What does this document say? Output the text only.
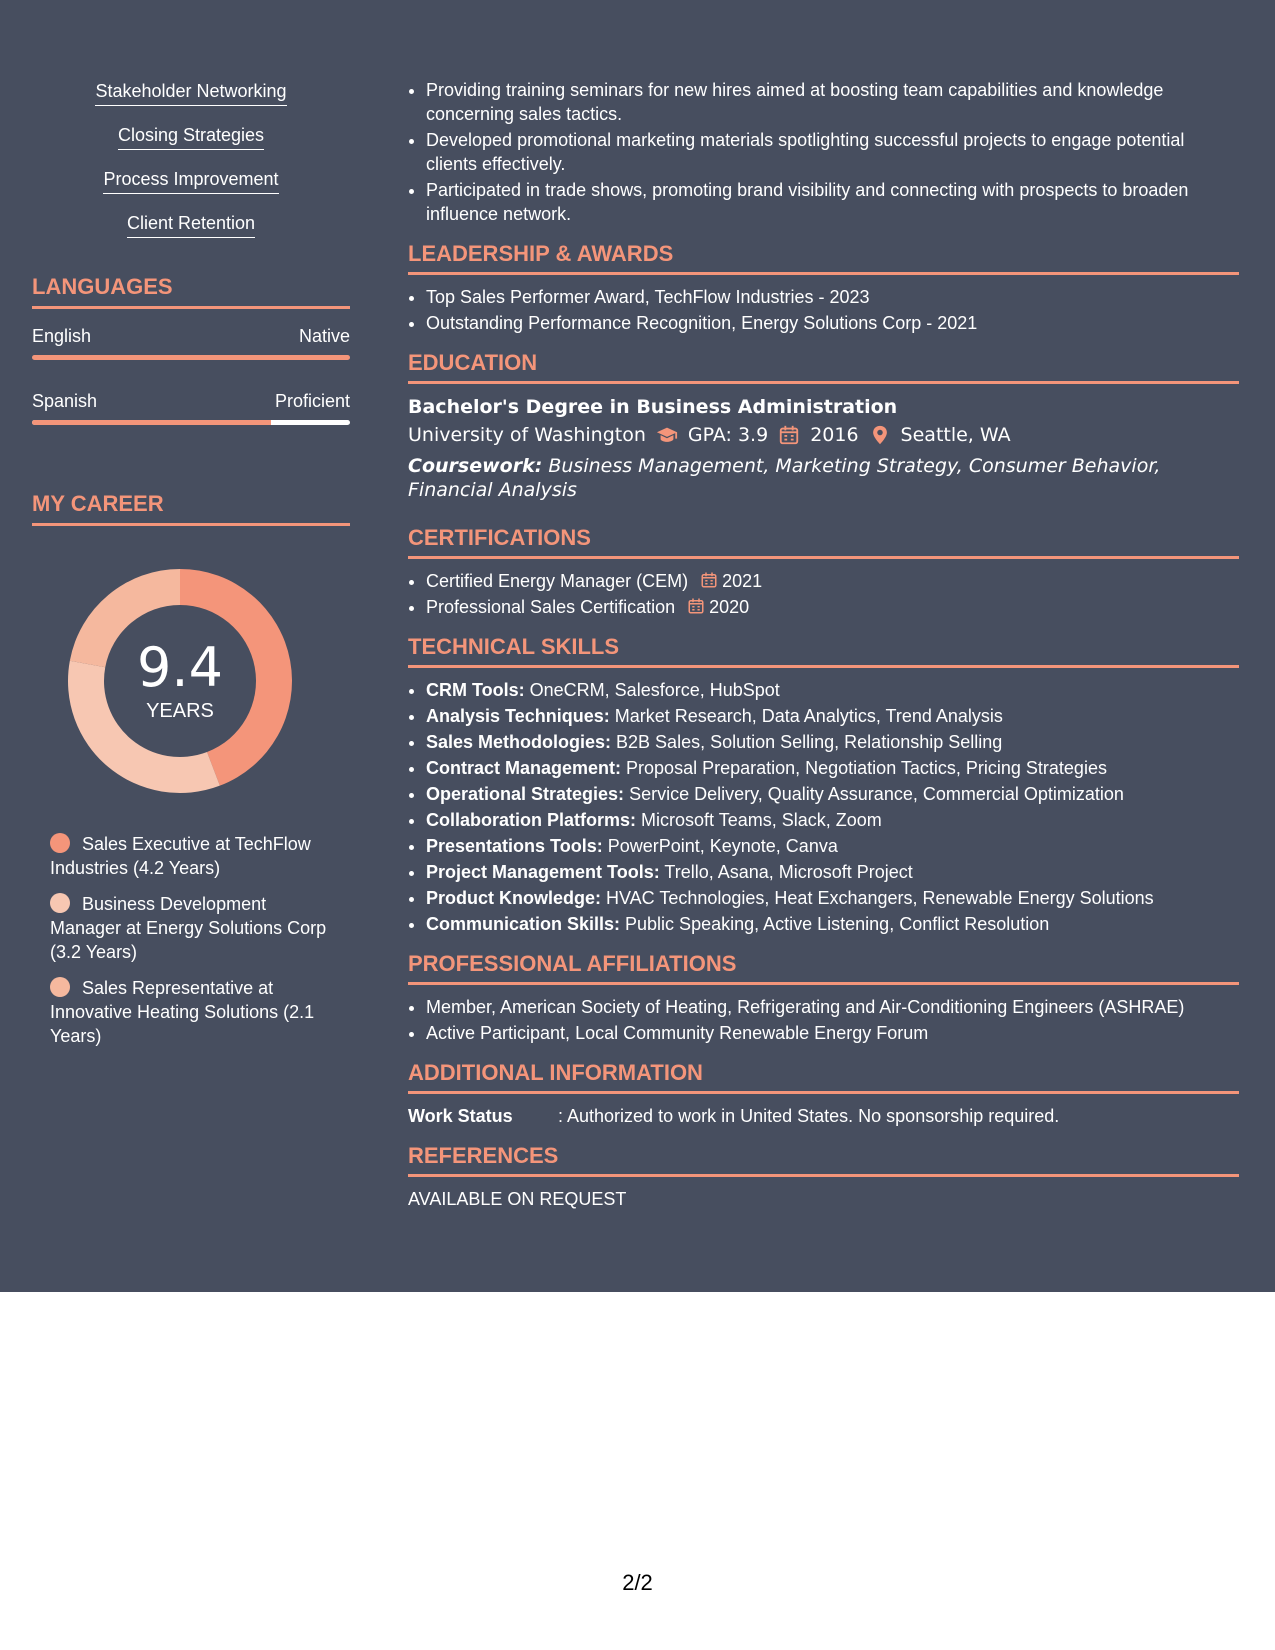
Stakeholder Networking
Closing Strategies
Process Improvement
Client Retention
LANGUAGES
English	Native
Spanish	Proficient
MY CAREER
9.4
YEARS
Sales Executive at TechFlow Industries (4.2 Years)
Business Development Manager at Energy Solutions Corp (3.2 Years)
Sales Representative at Innovative Heating Solutions (2.1 Years)
• Providing training seminars for new hires aimed at boosting team capabilities and knowledge concerning sales tactics.
• Developed promotional marketing materials spotlighting successful projects to engage potential clients effectively.
• Participated in trade shows, promoting brand visibility and connecting with prospects to broaden influence network.
LEADERSHIP & AWARDS
• Top Sales Performer Award, TechFlow Industries - 2023
• Outstanding Performance Recognition, Energy Solutions Corp - 2021
EDUCATION
Bachelor's Degree in Business Administration
University of Washington GPA: 3.9 2016 Seattle, WA
Coursework: Business Management, Marketing Strategy, Consumer Behavior, Financial Analysis
CERTIFICATIONS
• Certified Energy Manager (CEM) 2021
• Professional Sales Certification 2020
TECHNICAL SKILLS
• CRM Tools: OneCRM, Salesforce, HubSpot
• Analysis Techniques: Market Research, Data Analytics, Trend Analysis
• Sales Methodologies: B2B Sales, Solution Selling, Relationship Selling
• Contract Management: Proposal Preparation, Negotiation Tactics, Pricing Strategies
• Operational Strategies: Service Delivery, Quality Assurance, Commercial Optimization
• Collaboration Platforms: Microsoft Teams, Slack, Zoom
• Presentations Tools: PowerPoint, Keynote, Canva
• Project Management Tools: Trello, Asana, Microsoft Project
• Product Knowledge: HVAC Technologies, Heat Exchangers, Renewable Energy Solutions
• Communication Skills: Public Speaking, Active Listening, Conflict Resolution
PROFESSIONAL AFFILIATIONS
• Member, American Society of Heating, Refrigerating and Air-Conditioning Engineers (ASHRAE)
• Active Participant, Local Community Renewable Energy Forum
ADDITIONAL INFORMATION
Work Status	: Authorized to work in United States. No sponsorship required.
REFERENCES
AVAILABLE ON REQUEST
2/2
